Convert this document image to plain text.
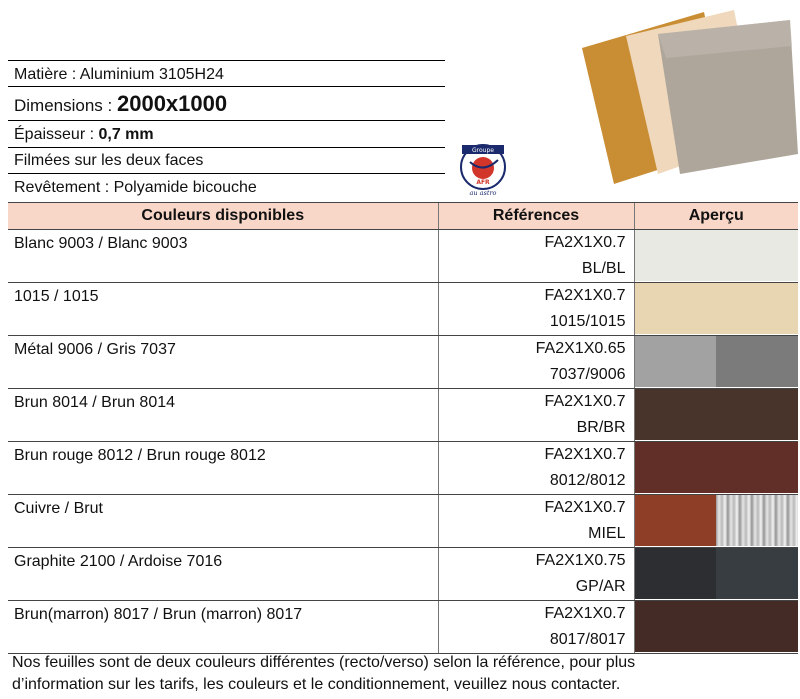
Matière : Aluminium 3105H24
Dimensions : 2000x1000
Épaisseur : 0,7 mm
Filmées sur les deux faces
Revêtement : Polyamide bicouche
Groupe
AFR
au astro
Couleurs disponibles	Références	Aperçu
Blanc 9003 / Blanc 9003	FA2X1X0.7
BL/BL	

1015 / 1015	FA2X1X0.7
1015/1015	

Métal 9006 / Gris 7037	FA2X1X0.65
7037/9006	

Brun 8014 / Brun 8014	FA2X1X0.7
BR/BR	

Brun rouge 8012 / Brun rouge 8012	FA2X1X0.7
8012/8012	

Cuivre / Brut	FA2X1X0.7
MIEL	

Graphite 2100 / Ardoise 7016	FA2X1X0.75
GP/AR	

Brun(marron) 8017 / Brun (marron) 8017	FA2X1X0.7
8017/8017	

Nos feuilles sont de deux couleurs différentes (recto/verso) selon la référence, pour plus
d’information sur les tarifs, les couleurs et le conditionnement, veuillez nous contacter.
